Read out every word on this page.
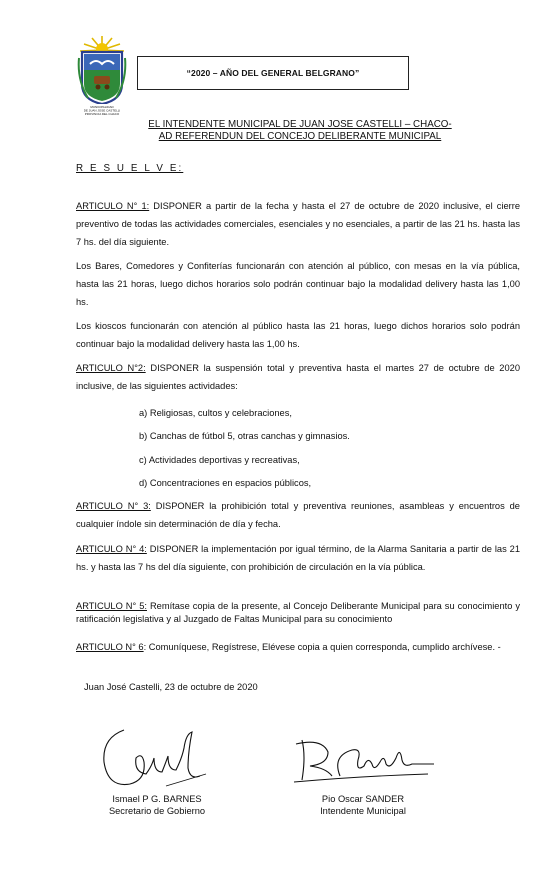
MUNICIPALIDAD
DE JUAN JOSE CASTELLI
PROVINCIA DEL CHACO
“2020 – AÑO DEL GENERAL BELGRANO”
EL INTENDENTE MUNICIPAL DE JUAN JOSE CASTELLI – CHACO-
AD REFERENDUN DEL CONCEJO DELIBERANTE MUNICIPAL
R E S U E L V E:
ARTICULO N° 1: DISPONER a partir de la fecha y hasta el 27 de octubre de 2020 inclusive, el cierre preventivo de todas las actividades comerciales, esenciales y no esenciales, a partir de las 21 hs. hasta las 7 hs. del día siguiente.
Los Bares, Comedores y Confiterías funcionarán con atención al público, con mesas en la vía pública, hasta las 21 horas, luego dichos horarios solo podrán continuar bajo la modalidad delivery hasta las 1,00 hs.
Los kioscos funcionarán con atención al público hasta las 21 horas, luego dichos horarios solo podrán continuar bajo la modalidad delivery hasta las 1,00 hs.
ARTICULO N°2: DISPONER la suspensión total y preventiva hasta el martes 27 de octubre de 2020 inclusive, de las siguientes actividades:
a) Religiosas, cultos y celebraciones,
b) Canchas de fútbol 5, otras canchas y gimnasios.
c) Actividades deportivas y recreativas,
d) Concentraciones en espacios públicos,
ARTICULO N° 3: DISPONER la prohibición total y preventiva reuniones, asambleas y encuentros de cualquier índole sin determinación de día y fecha.
ARTICULO N° 4: DISPONER la implementación por igual término, de la Alarma Sanitaria a partir de las 21 hs. y hasta las 7 hs del día siguiente, con prohibición de circulación en la vía pública.
ARTICULO N° 5: Remítase copia de la presente, al Concejo Deliberante Municipal para su conocimiento y ratificación legislativa y al Juzgado de Faltas Municipal para su conocimiento
ARTICULO N° 6: Comuníquese, Regístrese, Elévese copia a quien corresponda, cumplido archívese. -
Juan José Castelli, 23 de octubre de 2020
Ismael P G. BARNES
Secretario de Gobierno
Pio Oscar SANDER
Intendente Municipal
